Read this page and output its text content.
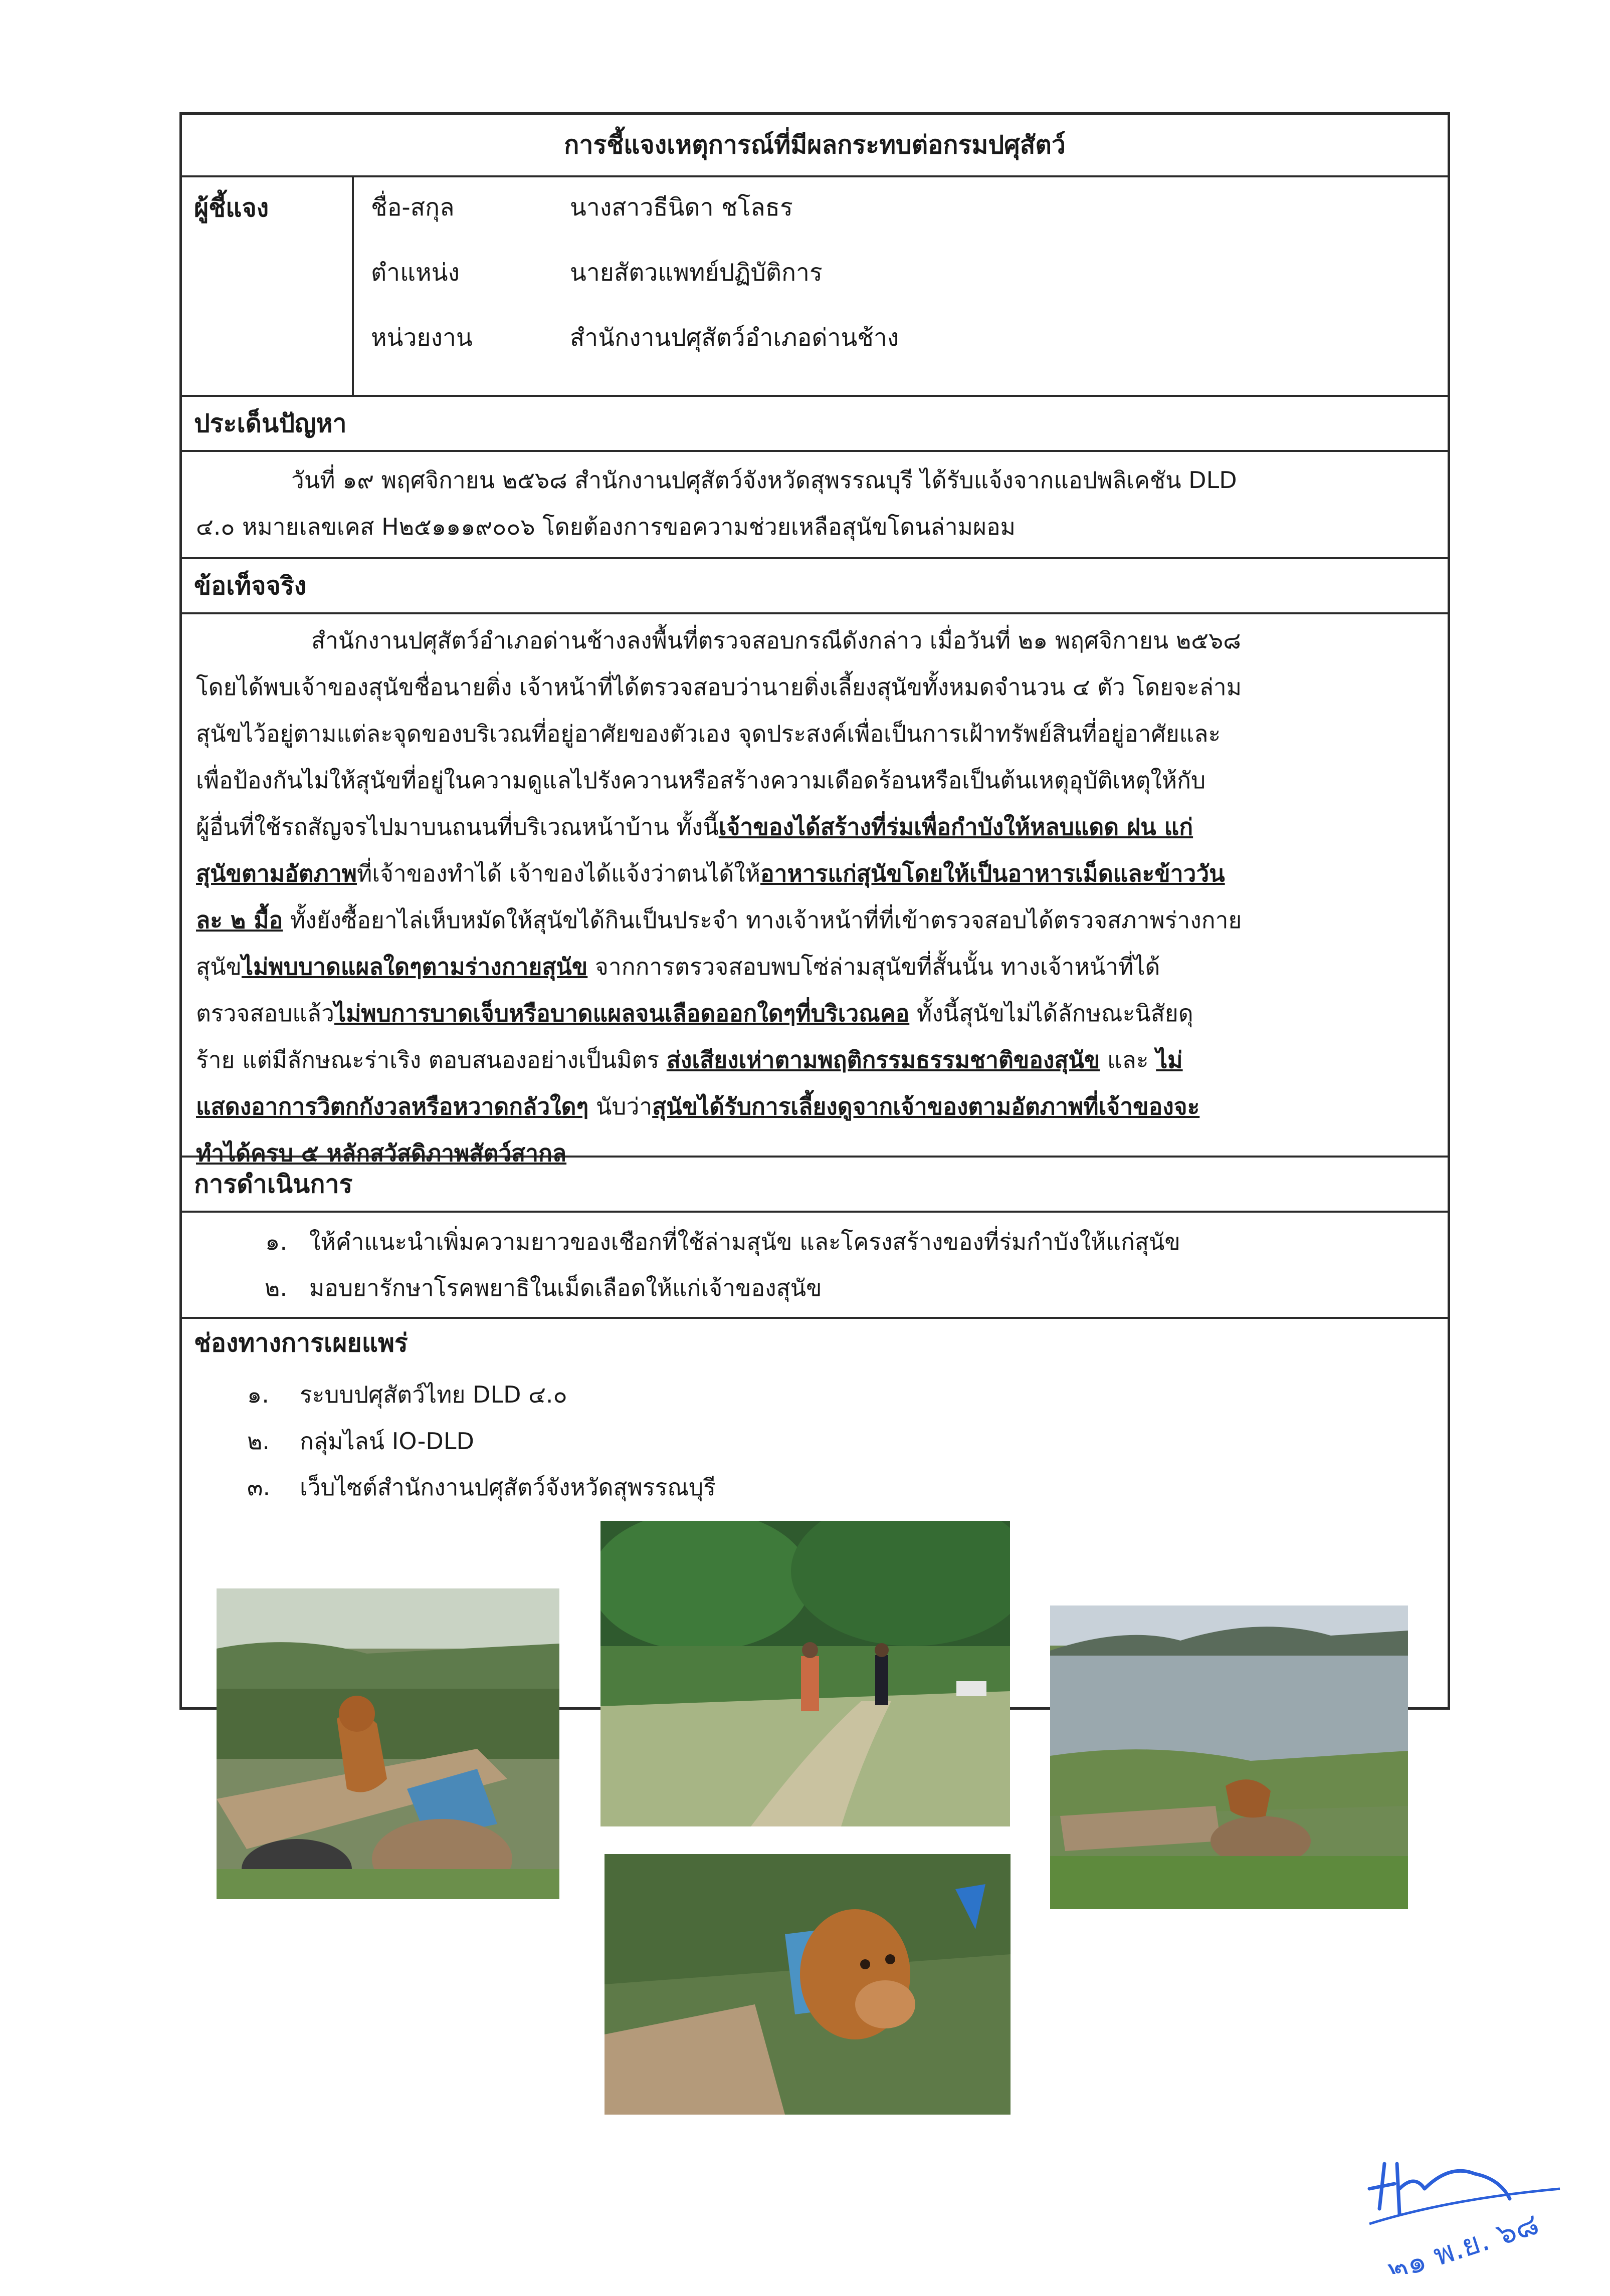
การชี้แจงเหตุการณ์ที่มีผลกระทบต่อกรมปศุสัตว์
ผู้ชี้แจง	ชื่อ-สกุล	นางสาวธีนิดา ชโลธร
ตำแหน่ง	นายสัตวแพทย์ปฏิบัติการ
หน่วยงาน	สำนักงานปศุสัตว์อำเภอด่านช้าง
ประเด็นปัญหา
วันที่ ๑๙ พฤศจิกายน ๒๕๖๘ สำนักงานปศุสัตว์จังหวัดสุพรรณบุรี ได้รับแจ้งจากแอปพลิเคชัน DLD
๔.๐ หมายเลขเคส H๒๕๑๑๑๙๐๐๖ โดยต้องการขอความช่วยเหลือสุนัขโดนล่ามผอม
ข้อเท็จจริง
สำนักงานปศุสัตว์อำเภอด่านช้างลงพื้นที่ตรวจสอบกรณีดังกล่าว เมื่อวันที่ ๒๑ พฤศจิกายน ๒๕๖๘
โดยได้พบเจ้าของสุนัขชื่อนายติ่ง เจ้าหน้าที่ได้ตรวจสอบว่านายติ่งเลี้ยงสุนัขทั้งหมดจำนวน ๔ ตัว โดยจะล่าม
สุนัขไว้อยู่ตามแต่ละจุดของบริเวณที่อยู่อาศัยของตัวเอง จุดประสงค์เพื่อเป็นการเฝ้าทรัพย์สินที่อยู่อาศัยและ
เพื่อป้องกันไม่ให้สุนัขที่อยู่ในความดูแลไปรังควานหรือสร้างความเดือดร้อนหรือเป็นต้นเหตุอุบัติเหตุให้กับ
ผู้อื่นที่ใช้รถสัญจรไปมาบนถนนที่บริเวณหน้าบ้าน ทั้งนี้เจ้าของได้สร้างที่ร่มเพื่อกำบังให้หลบแดด ฝน แก่
สุนัขตามอัตภาพที่เจ้าของทำได้ เจ้าของได้แจ้งว่าตนได้ให้อาหารแก่สุนัขโดยให้เป็นอาหารเม็ดและข้าววัน
ละ ๒ มื้อ ทั้งยังซื้อยาไล่เห็บหมัดให้สุนัขได้กินเป็นประจำ ทางเจ้าหน้าที่ที่เข้าตรวจสอบได้ตรวจสภาพร่างกาย
สุนัขไม่พบบาดแผลใดๆตามร่างกายสุนัข จากการตรวจสอบพบโซ่ล่ามสุนัขที่สั้นนั้น ทางเจ้าหน้าที่ได้
ตรวจสอบแล้วไม่พบการบาดเจ็บหรือบาดแผลจนเลือดออกใดๆที่บริเวณคอ ทั้งนี้สุนัขไม่ได้ลักษณะนิสัยดุ
ร้าย แต่มีลักษณะร่าเริง ตอบสนองอย่างเป็นมิตร ส่งเสียงเห่าตามพฤติกรรมธรรมชาติของสุนัข และ ไม่
แสดงอาการวิตกกังวลหรือหวาดกลัวใดๆ นับว่าสุนัขได้รับการเลี้ยงดูจากเจ้าของตามอัตภาพที่เจ้าของจะ
ทำได้ครบ ๕ หลักสวัสดิภาพสัตว์สากล
การดำเนินการ
๑. ให้คำแนะนำเพิ่มความยาวของเชือกที่ใช้ล่ามสุนัข และโครงสร้างของที่ร่มกำบังให้แก่สุนัข
๒. มอบยารักษาโรคพยาธิในเม็ดเลือดให้แก่เจ้าของสุนัข
ช่องทางการเผยแพร่
๑.	ระบบปศุสัตว์ไทย DLD ๔.๐
๒.	กลุ่มไลน์ IO-DLD
๓.	เว็บไซต์สำนักงานปศุสัตว์จังหวัดสุพรรณบุรี
๒๑ พ.ย. ๖๘
